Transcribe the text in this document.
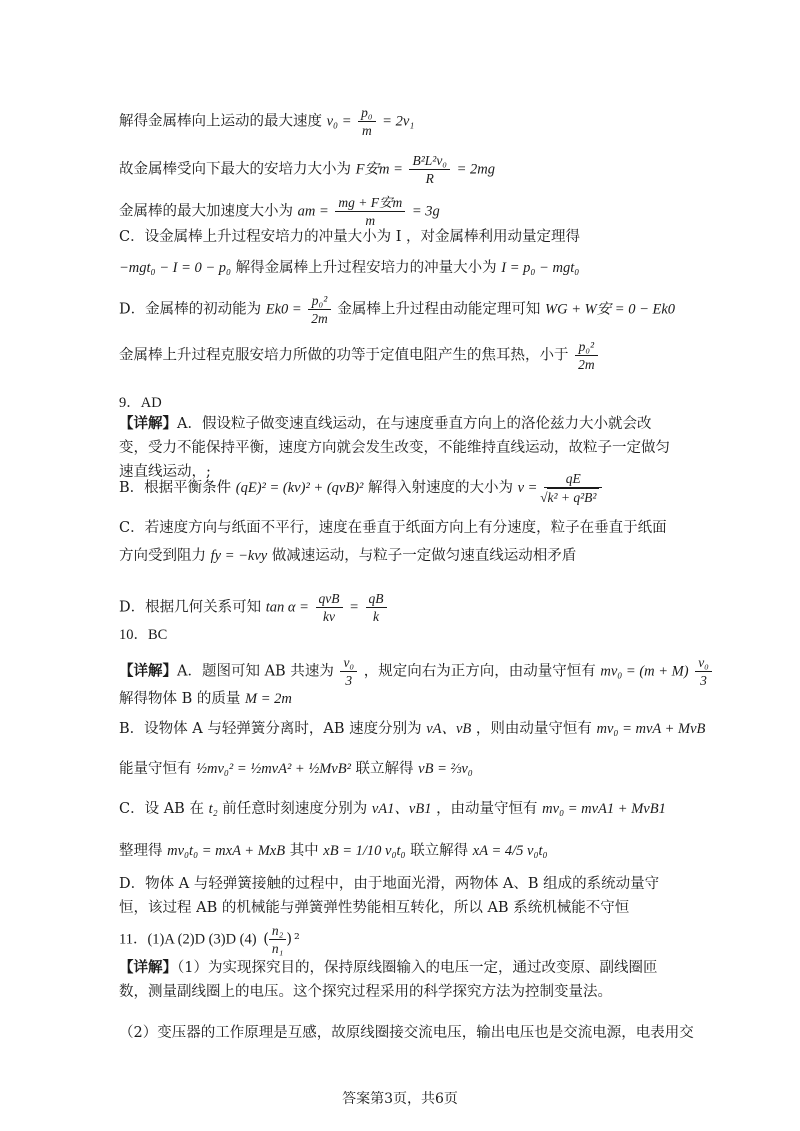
解得金属棒向上运动的最大速度 $v_0 = \frac{\text{p₀}}{m} = 2v_1$
故金属棒受向下最大的安培力大小为 F安$m = \frac{\text{B²L²v₀}}{R} = 2mg$
金属棒的最大加速度大小为 am = $\frac{\text{mg + F安m}}{m} = 3g$
C．设金属棒上升过程安培力的冲量大小为 I ，对金属棒利用动量定理得
−mgt₀ − I = 0 − p₀ 解得金属棒上升过程安培力的冲量大小为 I = p₀ − mgt₀
D．金属棒的初动能为 $Ek0 = \frac{\text{p₀²}}{2m}$ 金属棒上升过程由动能定理可知 WG + W安 = 0 − Ek0
金属棒上升过程克服安培力所做的功等于定值电阻产生的焦耳热，小于 $\frac{\text{p₀²}}{2m}$
9．AD
【详解】A．假设粒子做变速直线运动，在与速度垂直方向上的洛伦兹力大小就会改变，受力不能保持平衡，速度方向就会发生改变，不能维持直线运动，故粒子一定做匀速直线运动，;
B．根据平衡条件 (qE)² = (kv)² + (qvB)² 解得入射速度的大小为 v = qE
√ k² + q²B²
C．若速度方向与纸面不平行，速度在垂直于纸面方向上有分速度，粒子在垂直于纸面方向受到阻力 fy = −kvy 做减速运动，与粒子一定做匀速直线运动相矛盾
D．根据几何关系可知 $\tan \alpha = \frac{\text{qvB}}{kv} = \frac{qB}{k}$
10．BC
【详解】A．题图可知 AB 共速为 $\frac{\text{v₀}}{3}$ ，规定向右为正方向，由动量守恒有 $mv_0 = (m + M) \frac{\text{v₀}}{3}$
解得物体 B 的质量 M = 2m
B．设物体 A 与轻弹簧分离时，AB 速度分别为 vA、vB ，则由动量守恒有 mv₀ = mvA + MvB
能量守恒有 ½mv₀² = ½mvA² + ½MvB² 联立解得 vB = ⅔v₀
C．设 AB 在 t₂ 前任意时刻速度分别为 vA1、vB1 ，由动量守恒有 mv₀ = mvA1 + MvB1
整理得 mv₀t₀ = mxA + MxB 其中 xB = 1/10 v₀t₀ 联立解得 xA = 4/5 v₀t₀
D．物体 A 与轻弹簧接触的过程中，由于地面光滑，两物体 A、B 组成的系统动量守恒，该过程 AB 的机械能与弹簧弹性势能相互转化，所以 AB 系统机械能不守恒
11．(1)A (2)D (3)D (4) ( $\frac{\text{n₂}}{\text{n₁}}$ ) ²
【详解】（1）为实现探究目的，保持原线圈输入的电压一定，通过改变原、副线圈匝数，测量副线圈上的电压。这个探究过程采用的科学探究方法为控制变量法。
（2）变压器的工作原理是互感，故原线圈接交流电压，输出电压也是交流电源，电表用交
答案第3页，共6页
